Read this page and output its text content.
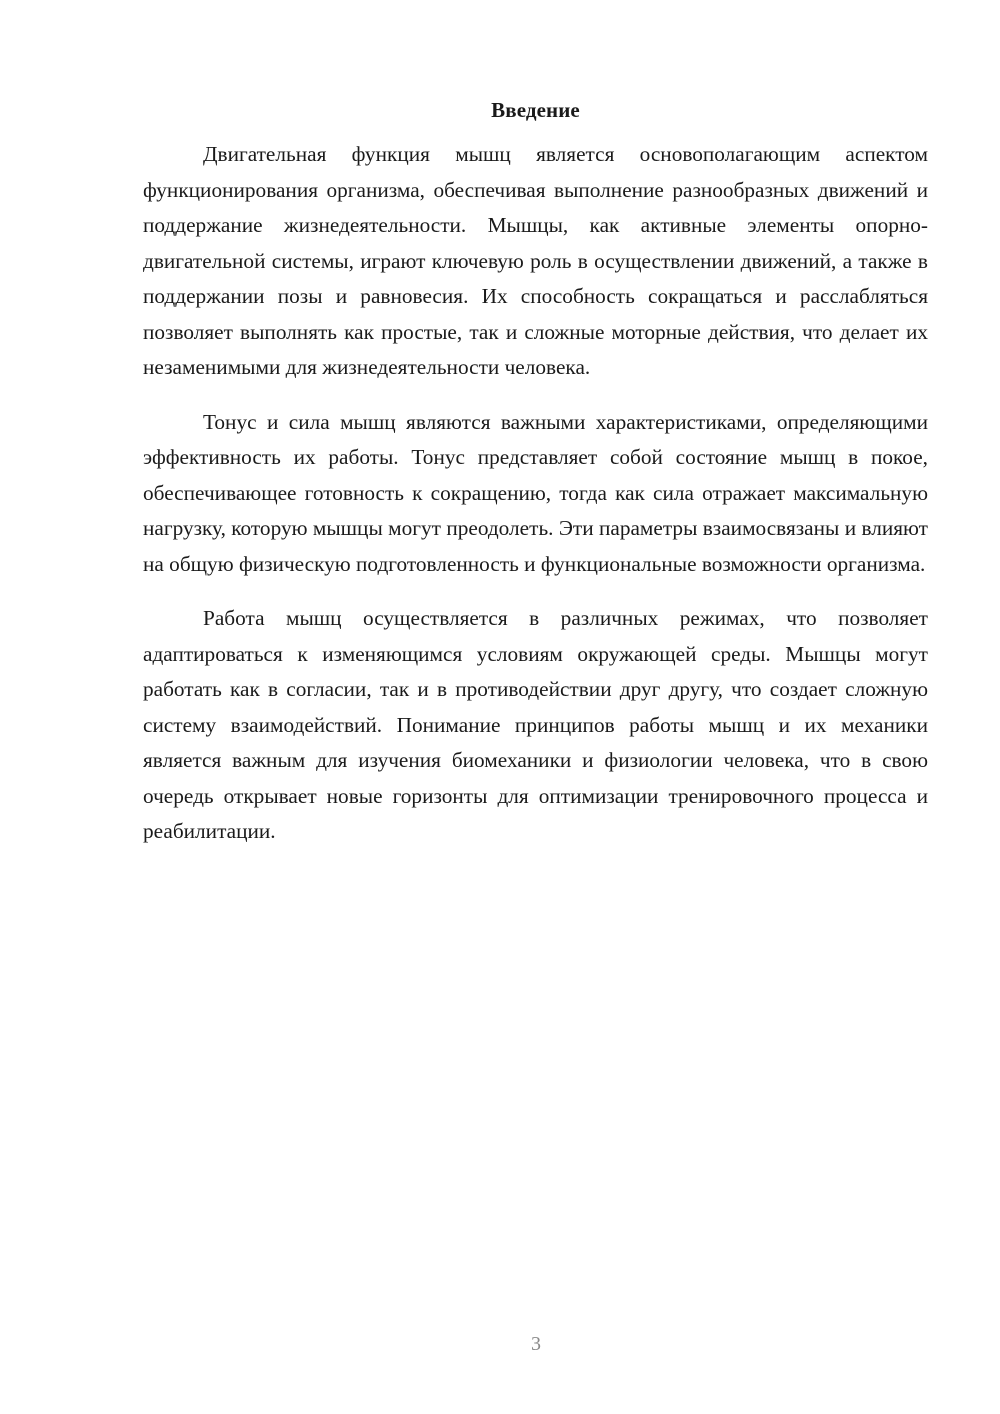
Введение

Двигательная функция мышц является основополагающим аспектом функционирования организма, обеспечивая выполнение разнообразных движений и поддержание жизнедеятельности. Мышцы, как активные элементы опорно-двигательной системы, играют ключевую роль в осуществлении движений, а также в поддержании позы и равновесия. Их способность сокращаться и расслабляться позволяет выполнять как простые, так и сложные моторные действия, что делает их незаменимыми для жизнедеятельности человека.

Тонус и сила мышц являются важными характеристиками, определяющими эффективность их работы. Тонус представляет собой состояние мышц в покое, обеспечивающее готовность к сокращению, тогда как сила отражает максимальную нагрузку, которую мышцы могут преодолеть. Эти параметры взаимосвязаны и влияют на общую физическую подготовленность и функциональные возможности организма.

Работа мышц осуществляется в различных режимах, что позволяет адаптироваться к изменяющимся условиям окружающей среды. Мышцы могут работать как в согласии, так и в противодействии друг другу, что создает сложную систему взаимодействий. Понимание принципов работы мышц и их механики является важным для изучения биомеханики и физиологии человека, что в свою очередь открывает новые горизонты для оптимизации тренировочного процесса и реабилитации.

3
